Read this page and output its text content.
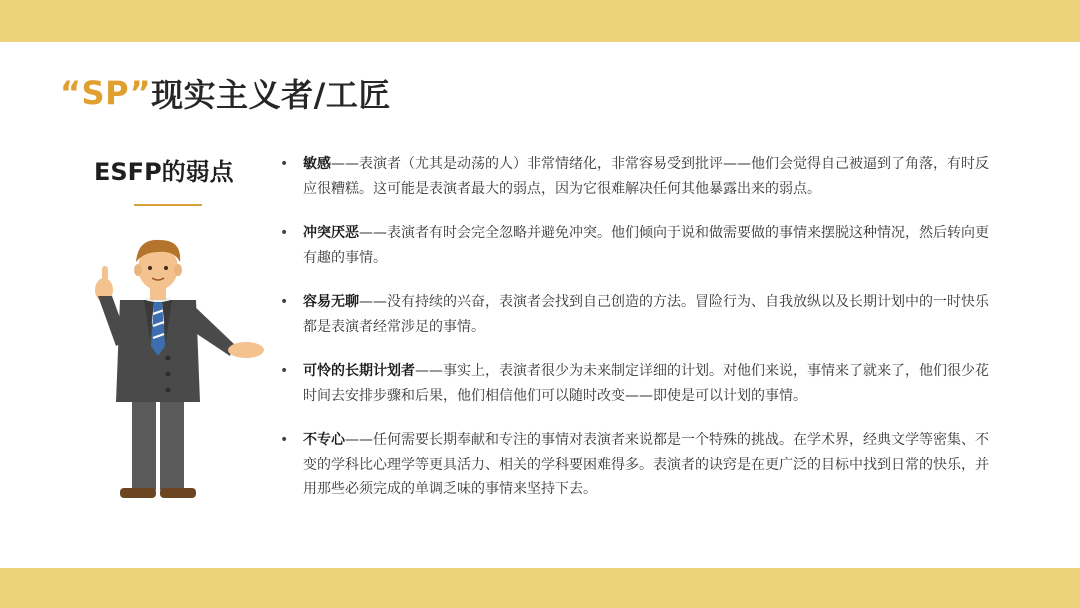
“SP” 现实主义者/工匠
ESFP的弱点	• 敏感——表演者（尤其是动荡的人）非常情绪化，非常容易受到批评——他们会觉得自己被逼到了角落，有时反应很糟糕。这可能是表演者最大的弱点，因为它很难解决任何其他暴露出来的弱点。
• 冲突厌恶——表演者有时会完全忽略并避免冲突。他们倾向于说和做需要做的事情来摆脱这种情况，然后转向更有趣的事情。
• 容易无聊——没有持续的兴奋，表演者会找到自己创造的方法。冒险行为、自我放纵以及长期计划中的一时快乐都是表演者经常涉足的事情。
• 可怜的长期计划者——事实上，表演者很少为未来制定详细的计划。对他们来说，事情来了就来了，他们很少花时间去安排步骤和后果，他们相信他们可以随时改变——即使是可以计划的事情。
• 不专心——任何需要长期奉献和专注的事情对表演者来说都是一个特殊的挑战。在学术界，经典文学等密集、不变的学科比心理学等更具活力、相关的学科要困难得多。表演者的诀窍是在更广泛的目标中找到日常的快乐，并用那些必须完成的单调乏味的事情来坚持下去。
